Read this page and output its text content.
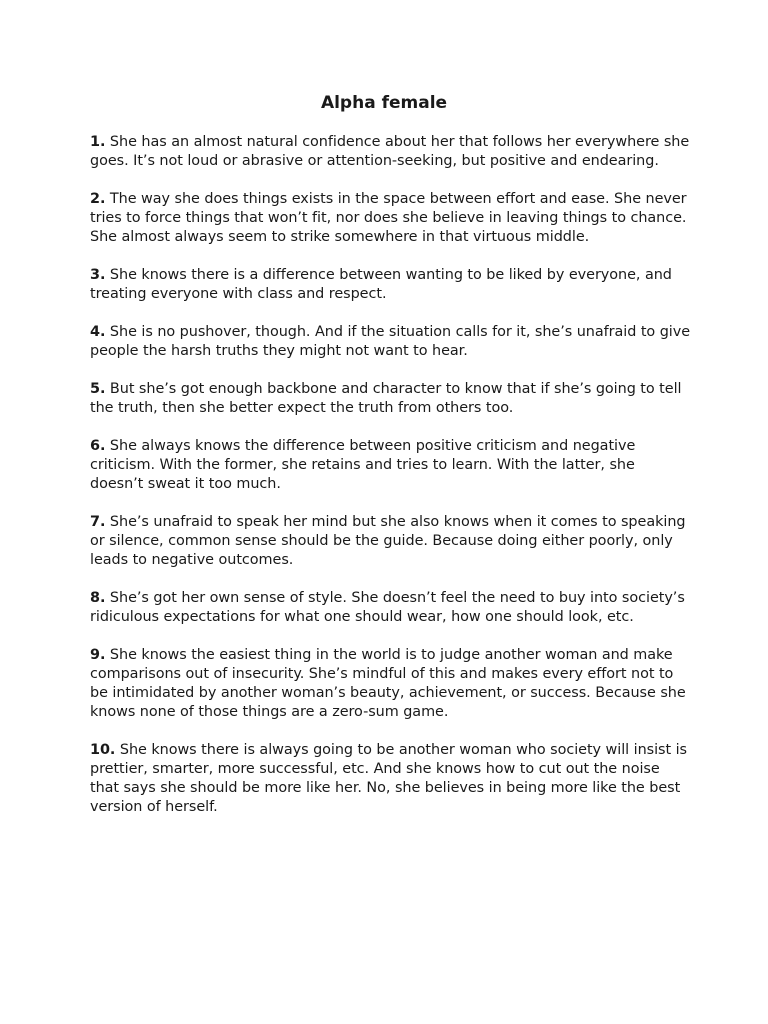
Alpha female
1. She has an almost natural confidence about her that follows her everywhere she goes. It’s not loud or abrasive or attention-seeking, but positive and endearing.
2. The way she does things exists in the space between effort and ease. She never tries to force things that won’t fit, nor does she believe in leaving things to chance. She almost always seem to strike somewhere in that virtuous middle.
3. She knows there is a difference between wanting to be liked by everyone, and treating everyone with class and respect.
4. She is no pushover, though. And if the situation calls for it, she’s unafraid to give people the harsh truths they might not want to hear.
5. But she’s got enough backbone and character to know that if she’s going to tell the truth, then she better expect the truth from others too.
6. She always knows the difference between positive criticism and negative criticism. With the former, she retains and tries to learn. With the latter, she doesn’t sweat it too much.
7. She’s unafraid to speak her mind but she also knows when it comes to speaking or silence, common sense should be the guide. Because doing either poorly, only leads to negative outcomes.
8. She’s got her own sense of style. She doesn’t feel the need to buy into society’s ridiculous expectations for what one should wear, how one should look, etc.
9. She knows the easiest thing in the world is to judge another woman and make comparisons out of insecurity. She’s mindful of this and makes every effort not to be intimidated by another woman’s beauty, achievement, or success. Because she knows none of those things are a zero-sum game.
10. She knows there is always going to be another woman who society will insist is prettier, smarter, more successful, etc. And she knows how to cut out the noise that says she should be more like her. No, she believes in being more like the best version of herself.
